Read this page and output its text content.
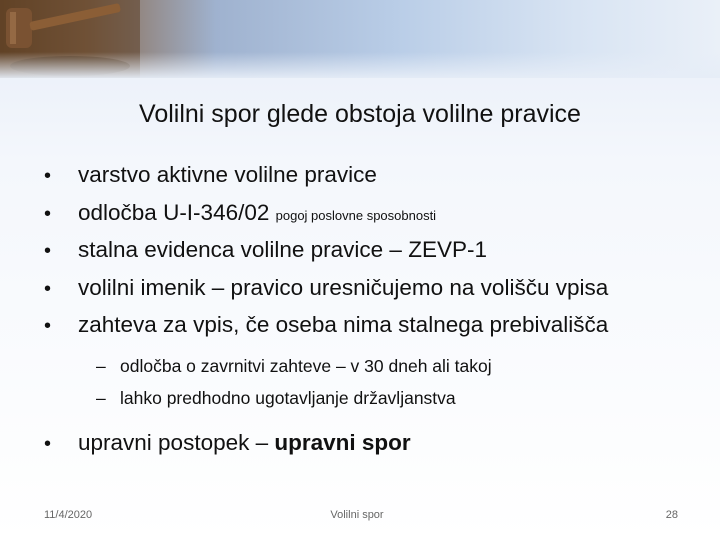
Volilni spor glede obstoja volilne pravice
•	varstvo aktivne volilne pravice
•	odločba U-I-346/02 pogoj poslovne sposobnosti
•	stalna evidenca volilne pravice – ZEVP-1
•	volilni imenik – pravico uresničujemo na volišču vpisa
•	zahteva za vpis, če oseba nima stalnega prebivališča
– odločba o zavrnitvi zahteve – v 30 dneh ali takoj
– lahko predhodno ugotavljanje državljanstva
•	upravni postopek – upravni spor
11/4/2020	Volilni spor	28
